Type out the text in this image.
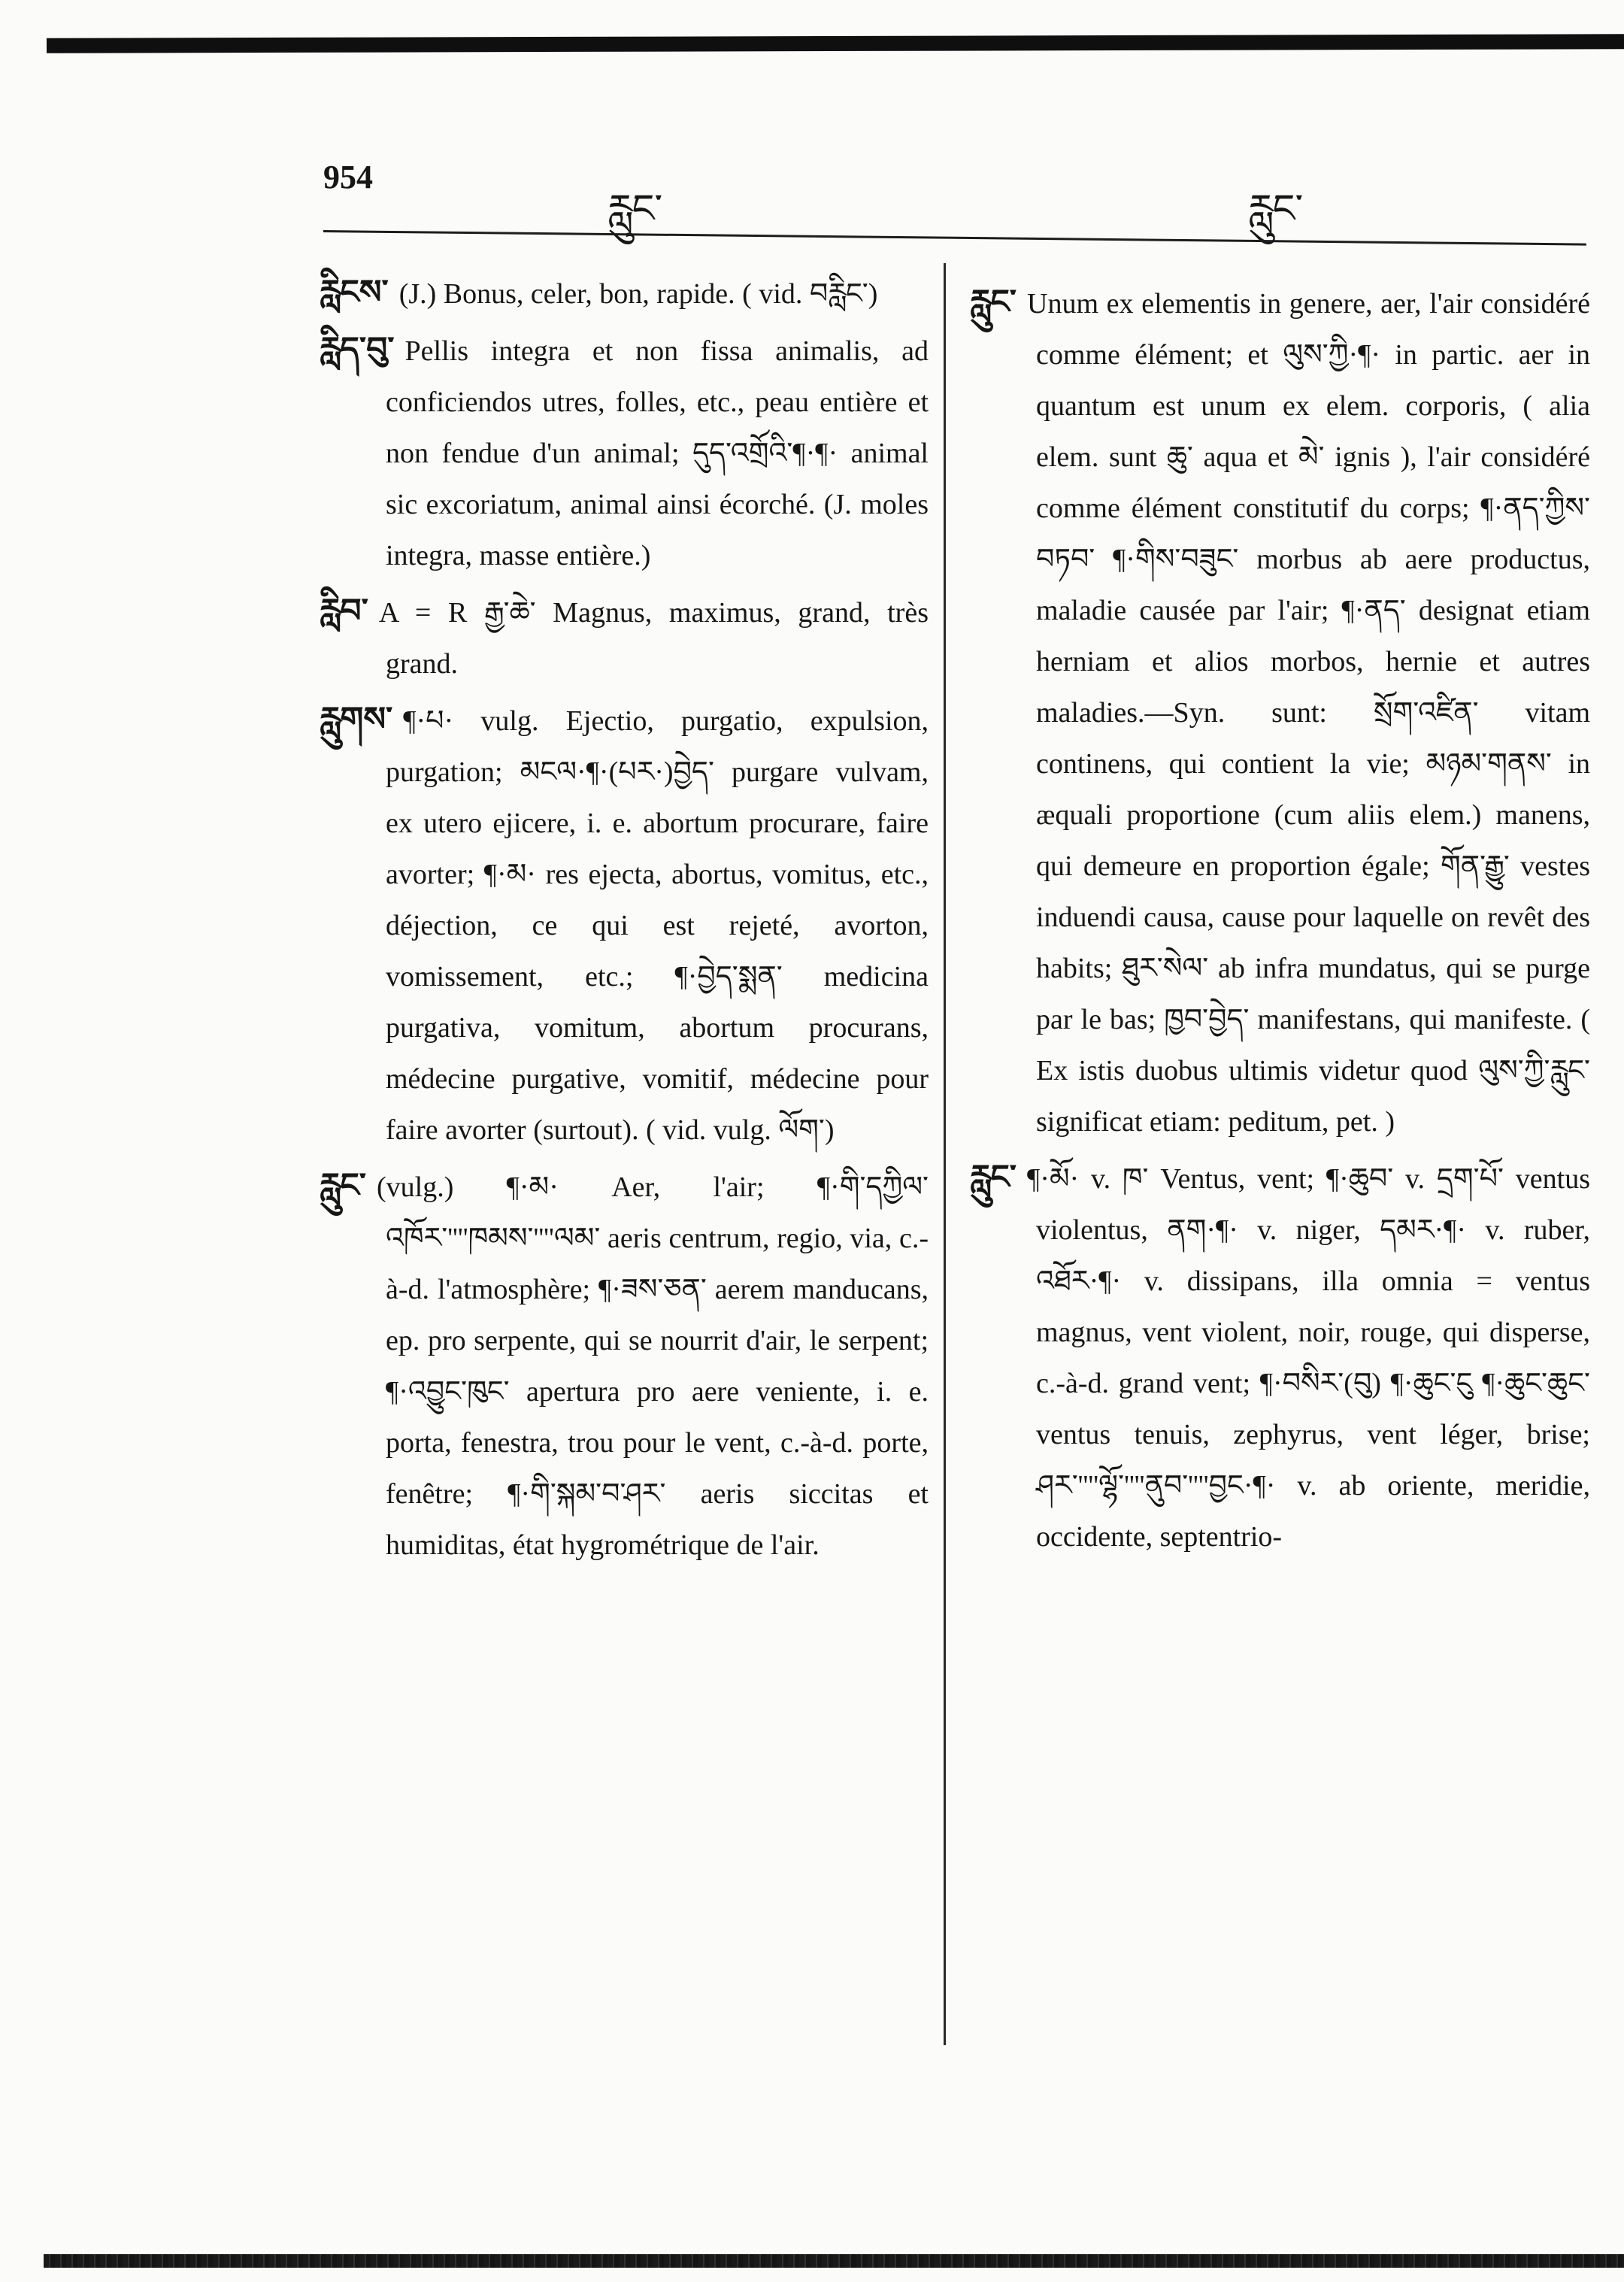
954
རླུང་	རླུང་
རླིངས་ (J.) Bonus, celer, bon, rapide. ( vid. བརླིང་)
རླིད་བུ་ Pellis integra et non fissa animalis, ad conficiendos utres, folles, etc., peau entière et non fendue d'un animal; དུད་འགྲོའི་¶·¶· animal sic excoriatum, animal ainsi écorché. (J. moles integra, masse entière.)
རླིབ་ A = R རྒྱ་ཆེ་ Magnus, maximus, grand, très grand.
རླུགས་ ¶·པ· vulg. Ejectio, purgatio, expulsion, purgation; མངལ·¶·(པར·)བྱེད་ purgare vulvam, ex utero ejicere, i. e. abortum procurare, faire avorter; ¶·མ· res ejecta, abortus, vomitus, etc., déjection, ce qui est rejeté, avorton, vomissement, etc.; ¶·བྱེད་སྨན་ medicina purgativa, vomitum, abortum procurans, médecine purgative, vomitif, médecine pour faire avorter (surtout). ( vid. vulg. ལོག་)
རླུང་ (vulg.) ¶·མ· Aer, l'air; ¶·གི་དཀྱིལ་འཁོར་''''ཁམས་''''ལམ་ aeris centrum, regio, via, c.-à-d. l'atmosphère; ¶·ཟས་ཅན་ aerem manducans, ep. pro serpente, qui se nourrit d'air, le serpent; ¶·འབྱུང་ཁུང་ apertura pro aere veniente, i. e. porta, fenestra, trou pour le vent, c.-à-d. porte, fenêtre; ¶·གི་སྐམ་བ་ཤར་ aeris siccitas et humiditas, état hygrométrique de l'air.
རླུང་ Unum ex elementis in genere, aer, l'air considéré comme élément; et ལུས་ཀྱི·¶· in partic. aer in quantum est unum ex elem. corporis, ( alia elem. sunt ཆུ་ aqua et མེ་ ignis ), l'air considéré comme élément constitutif du corps; ¶·ནད་ཀྱིས་བཏབ་ ¶·གིས་བཟུང་ morbus ab aere productus, maladie causée par l'air; ¶·ནད་ designat etiam herniam et alios morbos, hernie et autres maladies.—Syn. sunt: སྲོག་འཛིན་ vitam continens, qui contient la vie; མཉམ་གནས་ in æquali proportione (cum aliis elem.) manens, qui demeure en proportion égale; གོན་རྒྱུ་ vestes induendi causa, cause pour laquelle on revêt des habits; ཐུར་སེལ་ ab infra mundatus, qui se purge par le bas; ཁྱབ་བྱེད་ manifestans, qui manifeste. ( Ex istis duobus ultimis videtur quod ལུས་ཀྱི་རླུང་ significat etiam: peditum, pet. )
རླུང་ ¶·མོ· v. ཁ་ Ventus, vent; ¶·ཆུབ་ v. དྲག་པོ་ ventus violentus, ནག·¶· v. niger, དམར·¶· v. ruber, འཐོར·¶· v. dissipans, illa omnia = ventus magnus, vent violent, noir, rouge, qui disperse, c.-à-d. grand vent; ¶·བསིར་(བུ) ¶·ཆུང་ངུ ¶·ཆུང་ཆུང་ ventus tenuis, zephyrus, vent léger, brise; ཤར་''''ལྷོ་''''ནུབ་''''བྱང·¶· v. ab oriente, meridie, occidente, septentrio-
